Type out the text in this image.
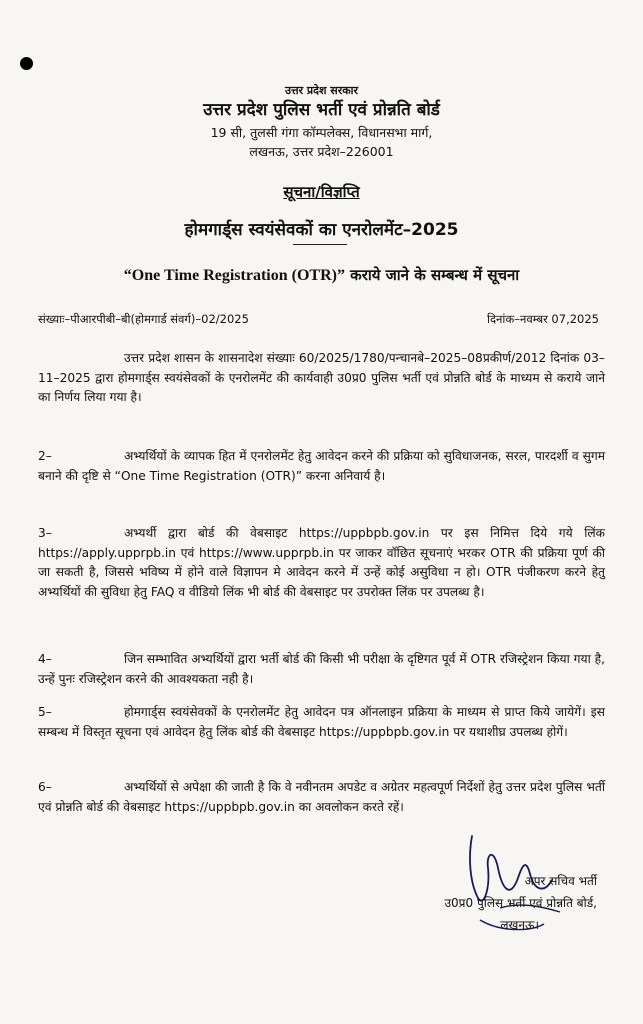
उत्तर प्रदेश सरकार
उत्तर प्रदेश पुलिस भर्ती एवं प्रोन्नति बोर्ड
19 सी, तुलसी गंगा कॉम्पलेक्स, विधानसभा मार्ग,
लखनऊ, उत्तर प्रदेश–226001
सूचना/विज्ञप्ति
होमगार्ड्स स्वयंसेवकों का एनरोलमेंट–2025
“One Time Registration (OTR)” कराये जाने के सम्बन्ध में सूचना
संख्याः–पीआरपीबी–बी(होमगार्ड संवर्ग)–02/2025	दिनांक–नवम्बर 07,2025

उत्तर प्रदेश शासन के शासनादेश संख्याः 60/2025/1780/पन्चानबे–2025–08प्रकीर्ण/2012 दिनांक 03–11–2025 द्वारा होमगार्ड्स स्वयंसेवकों के एनरोलमेंट की कार्यवाही उ0प्र0 पुलिस भर्ती एवं प्रोन्नति बोर्ड के माध्यम से कराये जाने का निर्णय लिया गया है।

2–	अभ्यर्थियों के व्यापक हित में एनरोलमेंट हेतु आवेदन करने की प्रक्रिया को सुविधाजनक, सरल, पारदर्शी व सुगम बनाने की दृष्टि से “One Time Registration (OTR)” करना अनिवार्य है।

3–	अभ्यर्थी द्वारा बोर्ड की वेबसाइट https://uppbpb.gov.in पर इस निमित्त दिये गये लिंक https://apply.upprpb.in एवं https://www.upprpb.in पर जाकर वॉछित सूचनाएं भरकर OTR की प्रक्रिया पूर्ण की जा सकती है, जिससे भविष्य में होने वाले विज्ञापन मे आवेदन करने में उन्हें कोई असुविधा न हो। OTR पंजीकरण करने हेतु अभ्यर्थियों की सुविधा हेतु FAQ व वीडियो लिंक भी बोर्ड की वेबसाइट पर उपरोक्त लिंक पर उपलब्ध है।

4–	जिन सम्भावित अभ्यर्थियों द्वारा भर्ती बोर्ड की किसी भी परीक्षा के दृष्टिगत पूर्व में OTR रजिस्ट्रेशन किया गया है, उन्हें पुनः रजिस्ट्रेशन करने की आवश्यकता नही है।

5–	होमगार्ड्स स्वयंसेवकों के एनरोलमेंट हेतु आवेदन पत्र ऑनलाइन प्रक्रिया के माध्यम से प्राप्त किये जायेगें। इस सम्बन्ध में विस्तृत सूचना एवं आवेदन हेतु लिंक बोर्ड की वेबसाइट https://uppbpb.gov.in पर यथाशीघ्र उपलब्ध होगें।

6–	अभ्यर्थियों से अपेक्षा की जाती है कि वे नवीनतम अपडेट व अग्रेतर महत्वपूर्ण निर्देशों हेतु उत्तर प्रदेश पुलिस भर्ती एवं प्रोन्नति बोर्ड की वेबसाइट https://uppbpb.gov.in का अवलोकन करते रहें।

अपर सचिव भर्ती
उ0प्र0 पुलिस भर्ती एवं प्रोन्नति बोर्ड,
लखनऊ।
